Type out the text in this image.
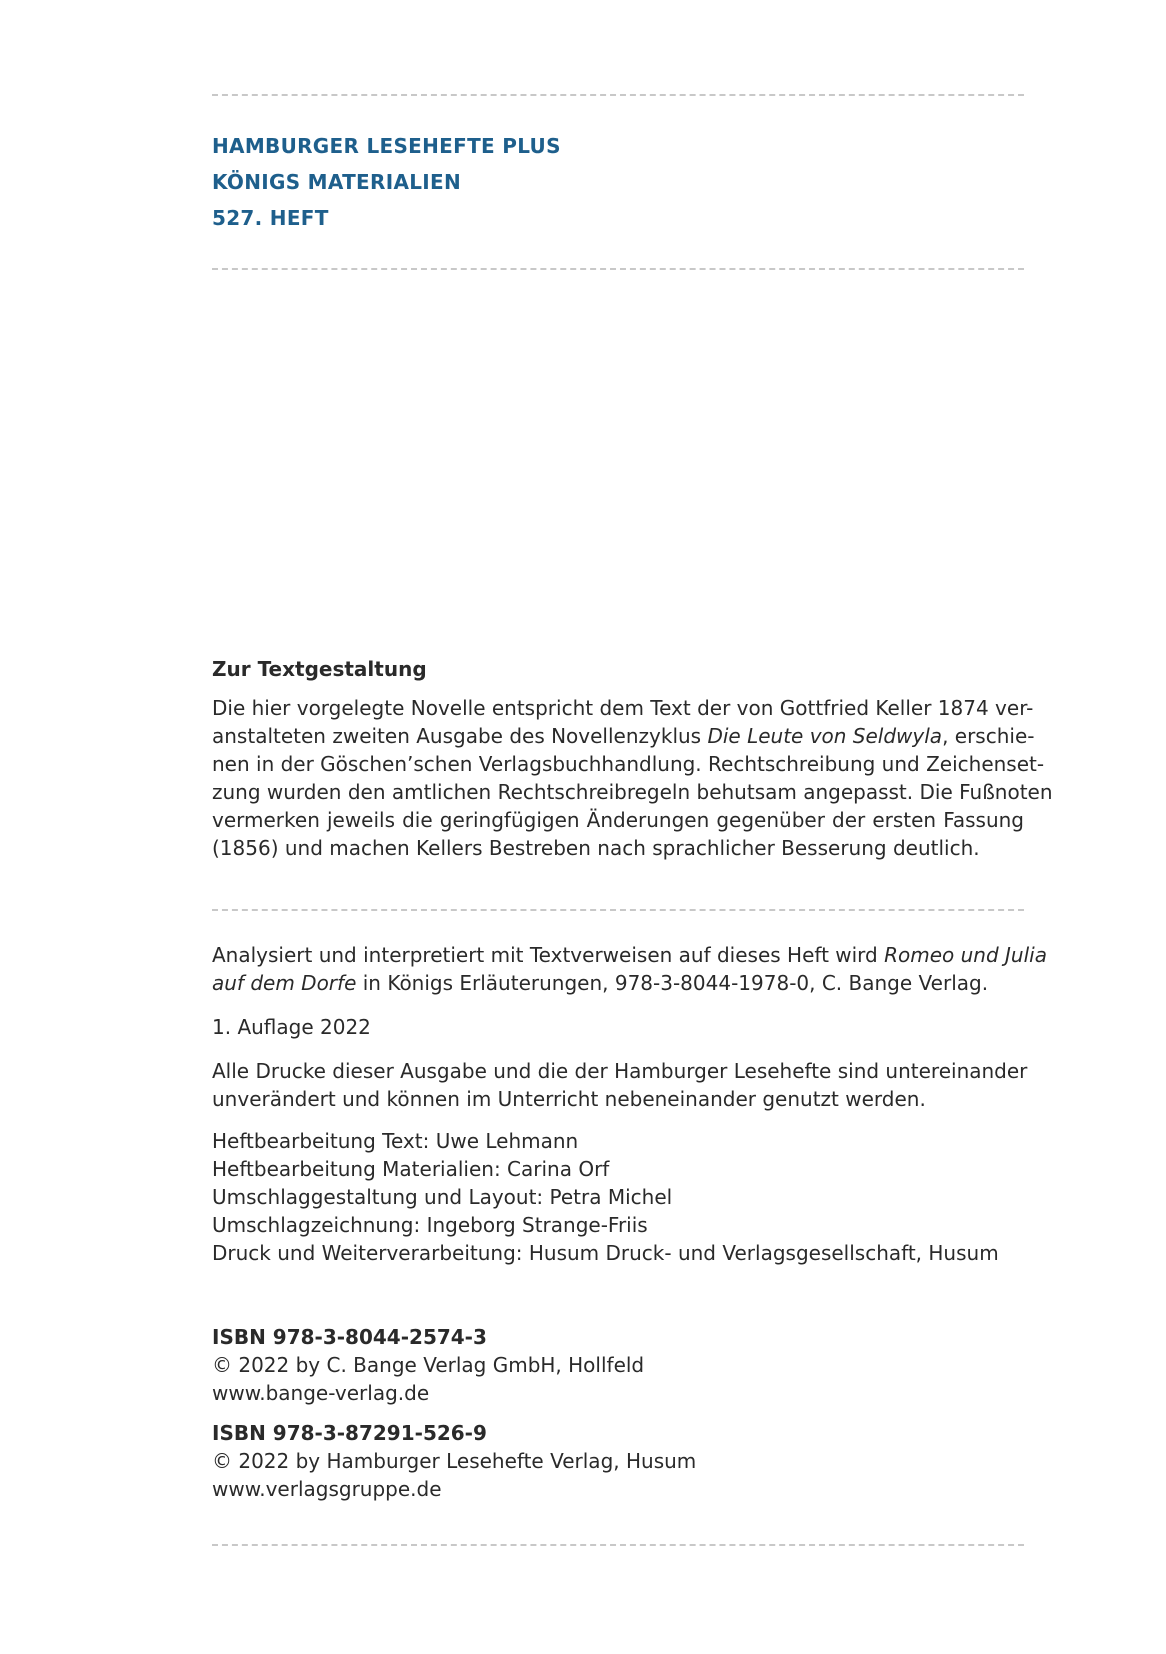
HAMBURGER LESEHEFTE PLUS
KÖNIGS MATERIALIEN
527. HEFT
Zur Textgestaltung
Die hier vorgelegte Novelle entspricht dem Text der von Gottfried Keller 1874 ver-
anstalteten zweiten Ausgabe des Novellenzyklus Die Leute von Seldwyla, erschie-
nen in der Göschen’schen Verlagsbuchhandlung. Rechtschreibung und Zeichenset-
zung wurden den amtlichen Rechtschreibregeln behutsam angepasst. Die Fußnoten
vermerken jeweils die geringfügigen Änderungen gegenüber der ersten Fassung
(1856) und machen Kellers Bestreben nach sprachlicher Besserung deutlich.
Analysiert und interpretiert mit Textverweisen auf dieses Heft wird Romeo und Julia
auf dem Dorfe in Königs Erläuterungen, 978-3-8044-1978-0, C. Bange Verlag.
1. Auflage 2022
Alle Drucke dieser Ausgabe und die der Hamburger Lesehefte sind untereinander
unverändert und können im Unterricht nebeneinander genutzt werden.
Heftbearbeitung Text: Uwe Lehmann
Heftbearbeitung Materialien: Carina Orf
Umschlaggestaltung und Layout: Petra Michel
Umschlagzeichnung: Ingeborg Strange-Friis
Druck und Weiterverarbeitung: Husum Druck- und Verlagsgesellschaft, Husum
ISBN 978-3-8044-2574-3
© 2022 by C. Bange Verlag GmbH, Hollfeld
www.bange-verlag.de
ISBN 978-3-87291-526-9
© 2022 by Hamburger Lesehefte Verlag, Husum
www.verlagsgruppe.de
